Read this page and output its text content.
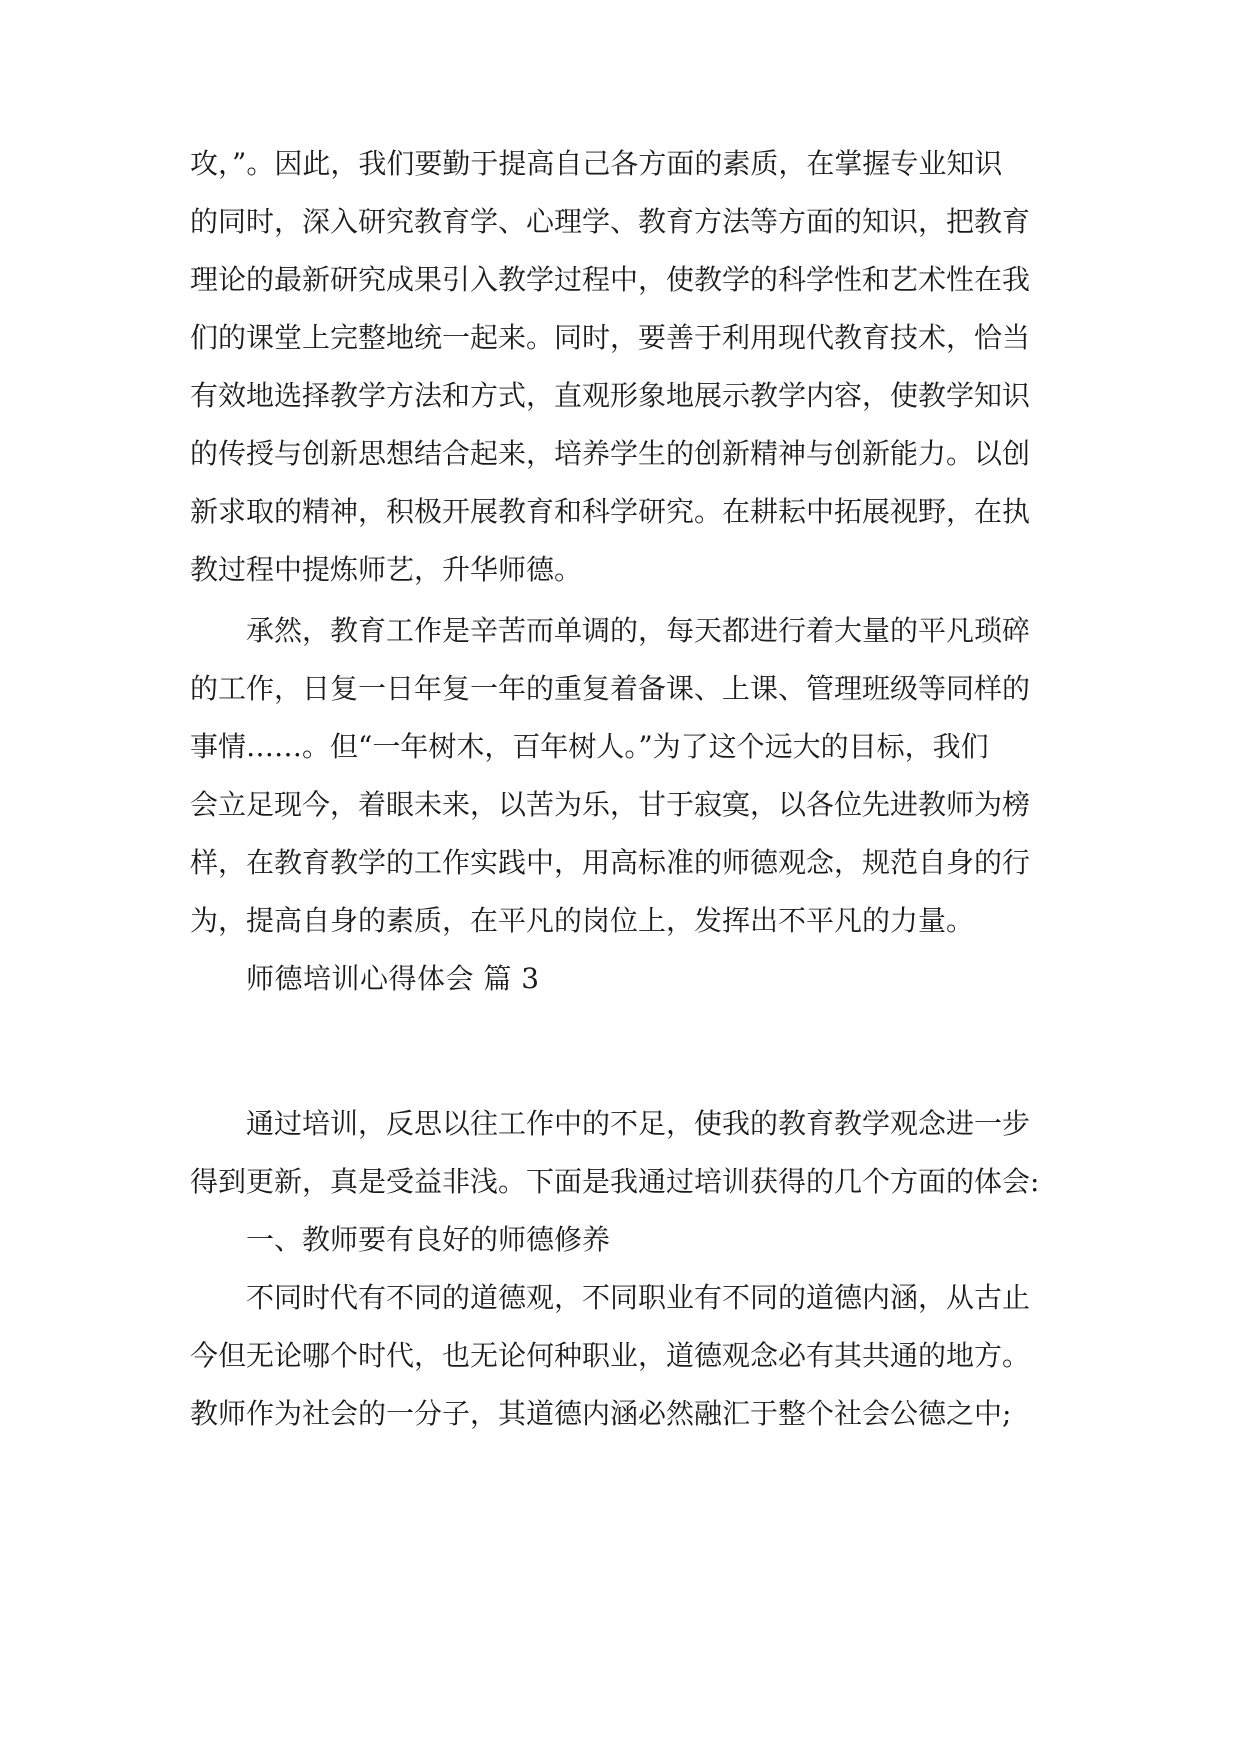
攻，”。因此，我们要勤于提高自己各方面的素质，在掌握专业知识

的同时，深入研究教育学、心理学、教育方法等方面的知识，把教育

理论的最新研究成果引入教学过程中，使教学的科学性和艺术性在我

们的课堂上完整地统一起来。同时，要善于利用现代教育技术，恰当

有效地选择教学方法和方式，直观形象地展示教学内容，使教学知识

的传授与创新思想结合起来，培养学生的创新精神与创新能力。以创

新求取的精神，积极开展教育和科学研究。在耕耘中拓展视野，在执

教过程中提炼师艺，升华师德。

承然，教育工作是辛苦而单调的，每天都进行着大量的平凡琐碎

的工作，日复一日年复一年的重复着备课、上课、管理班级等同样的

事情……。但“一年树木，百年树人。”为了这个远大的目标，我们

会立足现今，着眼未来，以苦为乐，甘于寂寞，以各位先进教师为榜

样，在教育教学的工作实践中，用高标准的师德观念，规范自身的行

为，提高自身的素质，在平凡的岗位上，发挥出不平凡的力量。

师德培训心得体会 篇 3

通过培训，反思以往工作中的不足，使我的教育教学观念进一步

得到更新，真是受益非浅。下面是我通过培训获得的几个方面的体会:

一、教师要有良好的师德修养

不同时代有不同的道德观，不同职业有不同的道德内涵，从古止

今但无论哪个时代，也无论何种职业，道德观念必有其共通的地方。

教师作为社会的一分子，其道德内涵必然融汇于整个社会公德之中;
